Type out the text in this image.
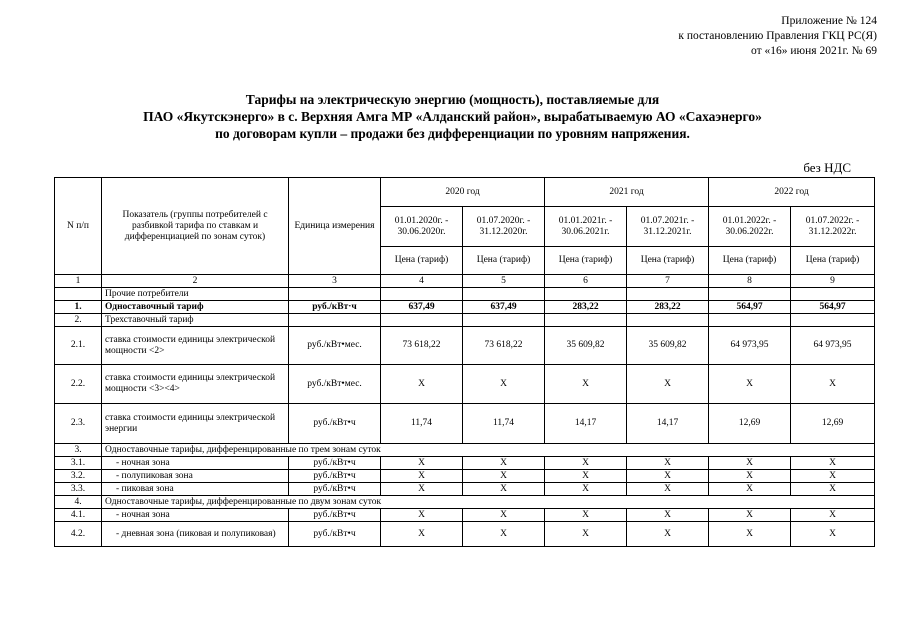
Приложение № 124
к постановлению Правления ГКЦ РС(Я)
от «16» июня 2021г. № 69
Тарифы на электрическую энергию (мощность), поставляемые для
ПАО «Якутскэнерго» в с. Верхняя Амга МР «Алданский район», вырабатываемую АО «Сахаэнерго»
по договорам купли – продажи без дифференциации по уровням напряжения.
без НДС
N п/п	Показатель (группы потребителей с разбивкой тарифа по ставкам и дифференциацией по зонам суток)	Единица измерения	2020 год		2021 год		2022 год	
			01.01.2020г. - 30.06.2020г.	01.07.2020г. - 31.12.2020г.	01.01.2021г. - 30.06.2021г.	01.07.2021г. - 31.12.2021г.	01.01.2022г. - 30.06.2022г.	01.07.2022г. - 31.12.2022г.
			Цена (тариф)	Цена (тариф)	Цена (тариф)	Цена (тариф)	Цена (тариф)	Цена (тариф)
1	2	3	4	5	6	7	8	9
	Прочие потребители							
1.	Одноставочный тариф	руб./кВт·ч	637,49	637,49	283,22	283,22	564,97	564,97
2.	Трехставочный тариф							
2.1.	ставка стоимости единицы электрической мощности <2>	руб./кВт•мес.	73 618,22	73 618,22	35 609,82	35 609,82	64 973,95	64 973,95
2.2.	ставка стоимости единицы электрической мощности <3><4>	руб./кВт•мес.	X	X	X	X	X	X
2.3.	ставка стоимости единицы электрической энергии	руб./кВт•ч	11,74	11,74	14,17	14,17	12,69	12,69
3.	Одноставочные тарифы, дифференцированные по трем зонам суток							
3.1.	- ночная зона	руб./кВт•ч	X	X	X	X	X	X
3.2.	- полупиковая зона	руб./кВт•ч	X	X	X	X	X	X
3.3.	- пиковая зона	руб./кВт•ч	X	X	X	X	X	X
4.	Одноставочные тарифы, дифференцированные по двум зонам суток							
4.1.	- ночная зона	руб./кВт•ч	X	X	X	X	X	X
4.2.	- дневная зона (пиковая и полупиковая)	руб./кВт•ч	X	X	X	X	X	X
